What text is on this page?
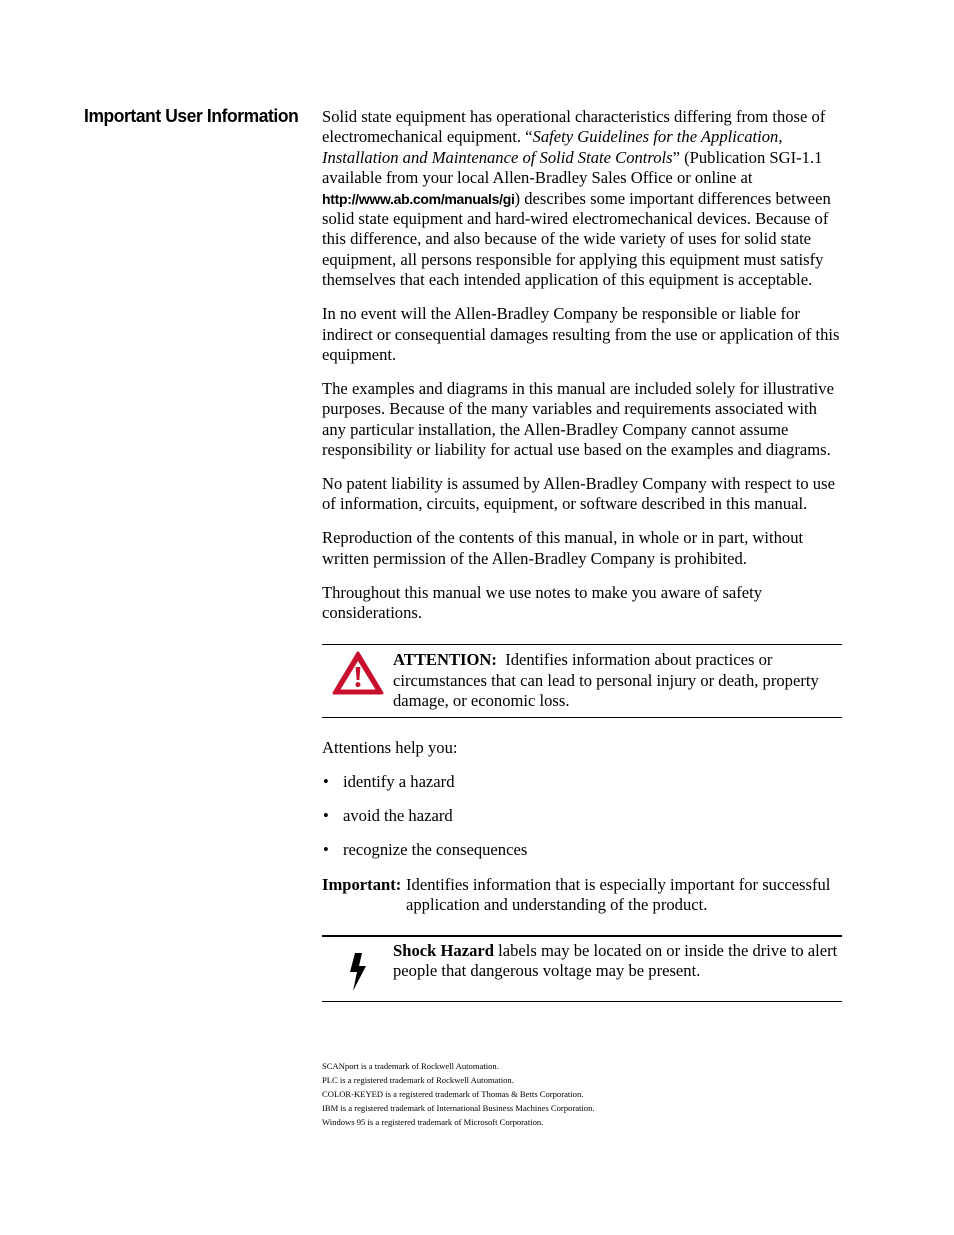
Important User Information Solid state equipment has operational characteristics differing from those of electromechanical equipment. “Safety Guidelines for the Application, Installation and Maintenance of Solid State Controls” (Publication SGI-1.1 available from your local Allen-Bradley Sales Office or online at http://www.ab.com/manuals/gi) describes some important differences between solid state equipment and hard-wired electromechanical devices. Because of this difference, and also because of the wide variety of uses for solid state equipment, all persons responsible for applying this equipment must satisfy themselves that each intended application of this equipment is acceptable.

In no event will the Allen-Bradley Company be responsible or liable for indirect or consequential damages resulting from the use or application of this equipment.

The examples and diagrams in this manual are included solely for illustrative purposes. Because of the many variables and requirements associated with any particular installation, the Allen-Bradley Company cannot assume responsibility or liability for actual use based on the examples and diagrams.

No patent liability is assumed by Allen-Bradley Company with respect to use of information, circuits, equipment, or software described in this manual.

Reproduction of the contents of this manual, in whole or in part, without written permission of the Allen-Bradley Company is prohibited.

Throughout this manual we use notes to make you aware of safety considerations.

ATTENTION: Identifies information about practices or circumstances that can lead to personal injury or death, property damage, or economic loss.

Attentions help you:

• identify a hazard
• avoid the hazard
• recognize the consequences
Important: Identifies information that is especially important for successful application and understanding of the product.
Shock Hazard labels may be located on or inside the drive to alert people that dangerous voltage may be present.
SCANport is a trademark of Rockwell Automation.
PLC is a registered trademark of Rockwell Automation.
COLOR-KEYED is a registered trademark of Thomas & Betts Corporation.
IBM is a registered trademark of International Business Machines Corporation.
Windows 95 is a registered trademark of Microsoft Corporation.
